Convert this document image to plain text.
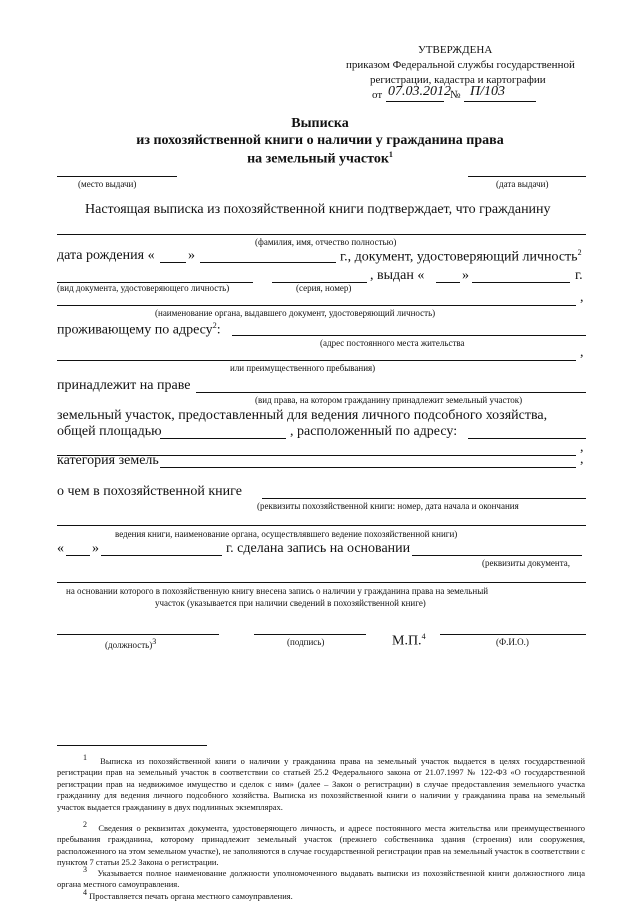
УТВЕРЖДЕНА
приказом Федеральной службы государственной
регистрации, кадастра и картографии
от 07.03.2012 № П/103
Выписка
из похозяйственной книги о наличии у гражданина права
на земельный участок$^1$
(место выдачи)	(дата выдачи)
Настоящая выписка из похозяйственной книги подтверждает, что гражданину
(фамилия, имя, отчество полностью)
дата рождения « »	г., документ, удостоверяющий личность$^2$
, выдан «	»	г.
(вид документа, удостоверяющего личность)	(серия, номер)
,
(наименование органа, выдавшего документ, удостоверяющий личность)
проживающему по адресу$^2$:
(адрес постоянного места жительства
,
или преимущественного пребывания)
принадлежит на праве
(вид права, на котором гражданину принадлежит земельный участок)
земельный участок, предоставленный для ведения личного подсобного хозяйства,
общей площадью	, расположенный по адресу:
,
категория земель	,
о чем в похозяйственной книге
(реквизиты похозяйственной книги: номер, дата начала и окончания
ведения книги, наименование органа, осуществлявшего ведение похозяйственной книги)
« »	г. сделана запись на основании
(реквизиты документа,
на основании которого в похозяйственную книгу внесена запись о наличии у гражданина права на земельный
участок (указывается при наличии сведений в похозяйственной книге)
(должность)$^3$	(подпись)	М.П.$^4$
(Ф.И.О.)
$^1$ Выписка из похозяйственной книги о наличии у гражданина права на земельный участок выдается в целях государственной регистрации прав на земельный участок в соответствии со статьей 25.2 Федерального закона от 21.07.1997 № 122-ФЗ «О государственной регистрации прав на недвижимое имущество и сделок с ним» (далее – Закон о регистрации) в случае предоставления земельного участка гражданину для ведения личного подсобного хозяйства. Выписка из похозяйственной книги о наличии у гражданина права на земельный участок выдается гражданину в двух подлинных экземплярах.
$^2$ Сведения о реквизитах документа, удостоверяющего личность, и адресе постоянного места жительства или преимущественного пребывания гражданина, которому принадлежит земельный участок (прежнего собственника здания (строения) или сооружения, расположенного на этом земельном участке), не заполняются в случае государственной регистрации прав на земельный участок в соответствии с пунктом 7 статьи 25.2 Закона о регистрации.
$^3$ Указывается полное наименование должности уполномоченного выдавать выписки из похозяйственной книги должностного лица органа местного самоуправления.
$^4$ Проставляется печать органа местного самоуправления.
